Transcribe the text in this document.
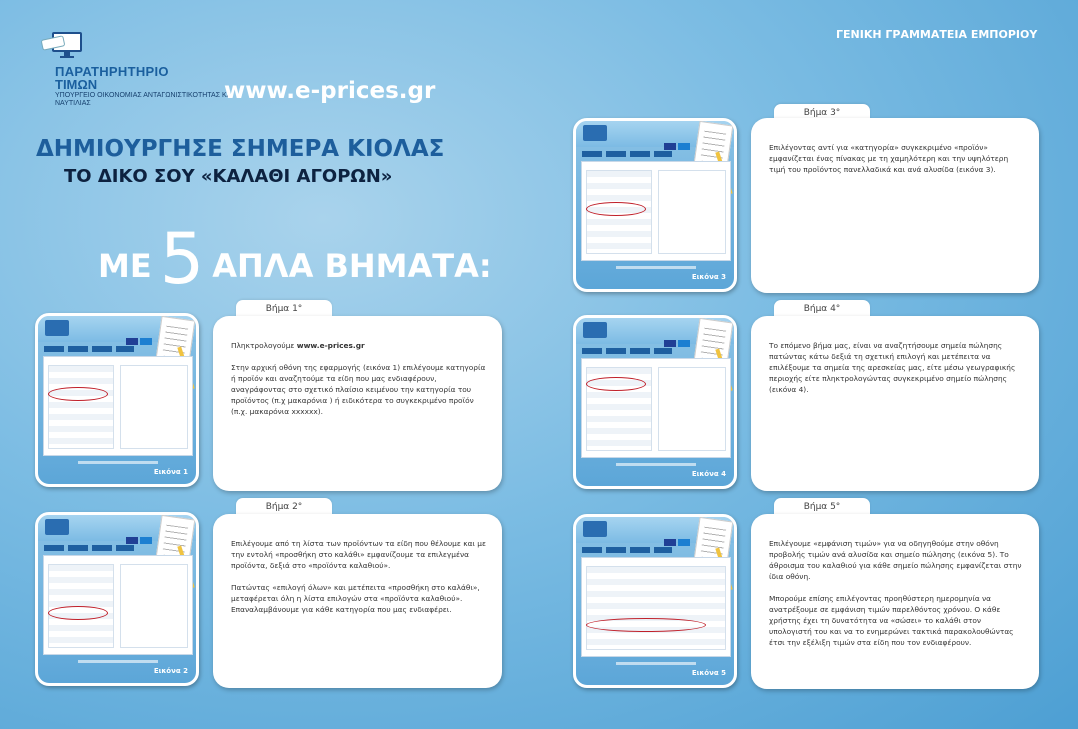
ΠΑΡΑΤΗΡΗΤΗΡΙΟ
ΤΙΜΩΝ
ΥΠΟΥΡΓΕΙΟ ΟΙΚΟΝΟΜΙΑΣ ΑΝΤΑΓΩΝΙΣΤΙΚΟΤΗΤΑΣ ΚΑΙ ΝΑΥΤΙΛΙΑΣ	www.e-prices.gr
ΓΕΝΙΚΗ ΓΡΑΜΜΑΤΕΙΑ ΕΜΠΟΡΙΟΥ
ΔΗΜΙΟΥΡΓΗΣΕ ΣΗΜΕΡΑ ΚΙΟΛΑΣ
ΤΟ ΔΙΚΟ ΣΟΥ «ΚΑΛΑΘΙ ΑΓΟΡΩΝ»
ΜΕ 5 ΑΠΛΑ ΒΗΜΑΤΑ:
Εικόνα 1
Βήμα 1°

Πληκτρολογούμε www.e-prices.gr

Στην αρχική οθόνη της εφαρμογής (εικόνα 1) επιλέγουμε κατηγορία ή προϊόν και αναζητούμε τα είδη που μας ενδιαφέρουν, αναγράφοντας στο σχετικό πλαίσιο κειμένου την κατηγορία του προϊόντος (π.χ μακαρόνια ) ή ειδικότερα το συγκεκριμένο προϊόν (π.χ. μακαρόνια xxxxxx).

Εικόνα 2
Βήμα 2°

Επιλέγουμε από τη λίστα των προϊόντων τα είδη που θέλουμε και με την εντολή «προσθήκη στο καλάθι» εμφανίζουμε τα επιλεγμένα προϊόντα, δεξιά στο «προϊόντα καλαθιού».

Πατώντας «επιλογή όλων» και μετέπειτα «προσθήκη στο καλάθι», μεταφέρεται όλη η λίστα επιλογών στα «προϊόντα καλαθιού». Επαναλαμβάνουμε για κάθε κατηγορία που μας ενδιαφέρει.

Εικόνα 3
Βήμα 3°

Επιλέγοντας αντί για «κατηγορία» συγκεκριμένο «προϊόν» εμφανίζεται ένας πίνακας με τη χαμηλότερη και την υψηλότερη τιμή του προϊόντος πανελλαδικά και ανά αλυσίδα (εικόνα 3).

Εικόνα 4
Βήμα 4°

Το επόμενο βήμα μας, είναι να αναζητήσουμε σημεία πώλησης πατώντας κάτω δεξιά τη σχετική επιλογή και μετέπειτα να επιλέξουμε τα σημεία της αρεσκείας μας, είτε μέσω γεωγραφικής περιοχής είτε πληκτρολογώντας συγκεκριμένο σημείο πώλησης (εικόνα 4).

Εικόνα 5
Βήμα 5°

Επιλέγουμε «εμφάνιση τιμών» για να οδηγηθούμε στην οθόνη προβολής τιμών ανά αλυσίδα και σημείο πώλησης (εικόνα 5). Το άθροισμα του καλαθιού για κάθε σημείο πώλησης εμφανίζεται στην ίδια οθόνη.

Μπορούμε επίσης επιλέγοντας προηθύστερη ημερομηνία να ανατρέξουμε σε εμφάνιση τιμών παρελθόντος χρόνου. Ο κάθε χρήστης έχει τη δυνατότητα να «σώσει» το καλάθι στον υπολογιστή του και να το ενημερώνει τακτικά παρακολουθώντας έτσι την εξέλιξη τιμών στα είδη που τον ενδιαφέρουν.
